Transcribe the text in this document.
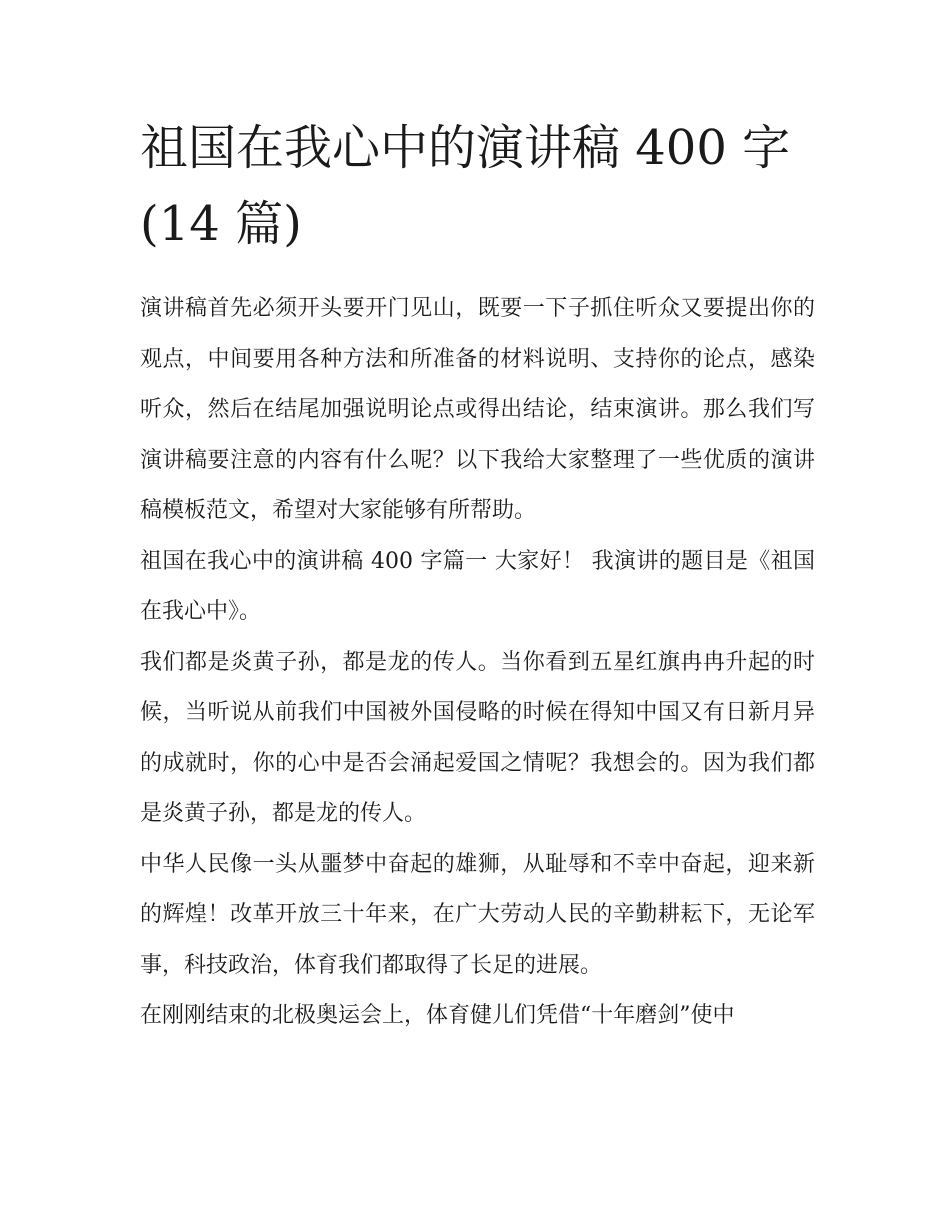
祖国在我心中的演讲稿 400 字 (14 篇)

演讲稿首先必须开头要开门见山，既要一下子抓住听众又要提出你的观点，中间要用各种方法和所准备的材料说明、支持你的论点，感染听众，然后在结尾加强说明论点或得出结论，结束演讲。那么我们写演讲稿要注意的内容有什么呢？以下我给大家整理了一些优质的演讲稿模板范文，希望对大家能够有所帮助。

祖国在我心中的演讲稿 400 字篇一 大家好！ 我演讲的题目是《祖国在我心中》。

我们都是炎黄子孙，都是龙的传人。当你看到五星红旗冉冉升起的时候，当听说从前我们中国被外国侵略的时候在得知中国又有日新月异的成就时，你的心中是否会涌起爱国之情呢？我想会的。因为我们都是炎黄子孙，都是龙的传人。

中华人民像一头从噩梦中奋起的雄狮，从耻辱和不幸中奋起，迎来新的辉煌！改革开放三十年来，在广大劳动人民的辛勤耕耘下，无论军事，科技政治，体育我们都取得了长足的进展。

在刚刚结束的北极奥运会上，体育健儿们凭借“十年磨剑”使中
